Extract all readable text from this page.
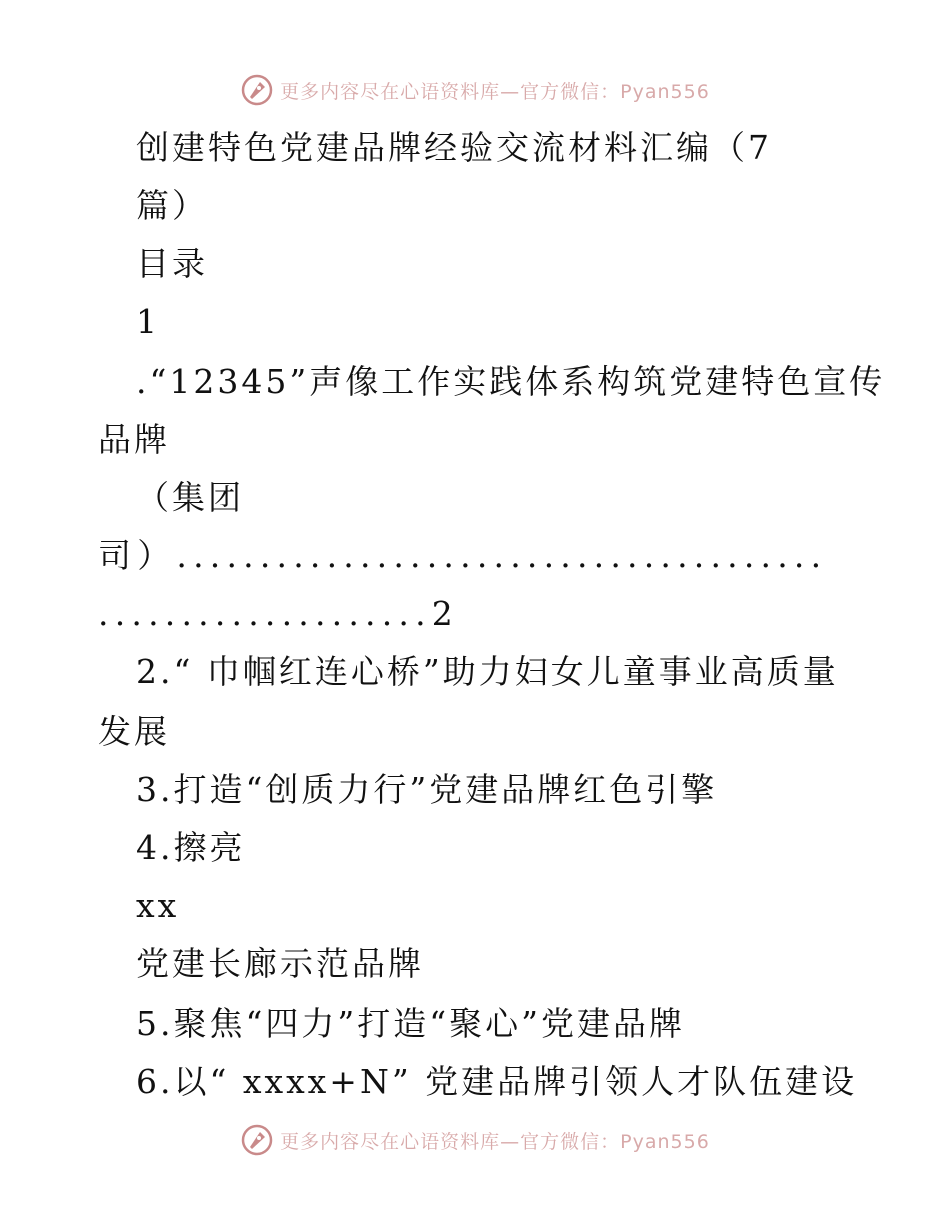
更多内容尽在心语资料库—官方微信：Pyan556
创建特色党建品牌经验交流材料汇编（7
篇）
目录
1
.“12345”声像工作实践体系构筑党建特色宣传
品牌
（集团
司）.......................................
....................2
2.“ 巾帼红连心桥”助力妇女儿童事业高质量
发展
3.打造“创质力行”党建品牌红色引擎
4.擦亮
xx
党建长廊示范品牌
5.聚焦“四力”打造“聚心”党建品牌
6.以“ xxxx+N” 党建品牌引领人才队伍建设
更多内容尽在心语资料库—官方微信：Pyan556
